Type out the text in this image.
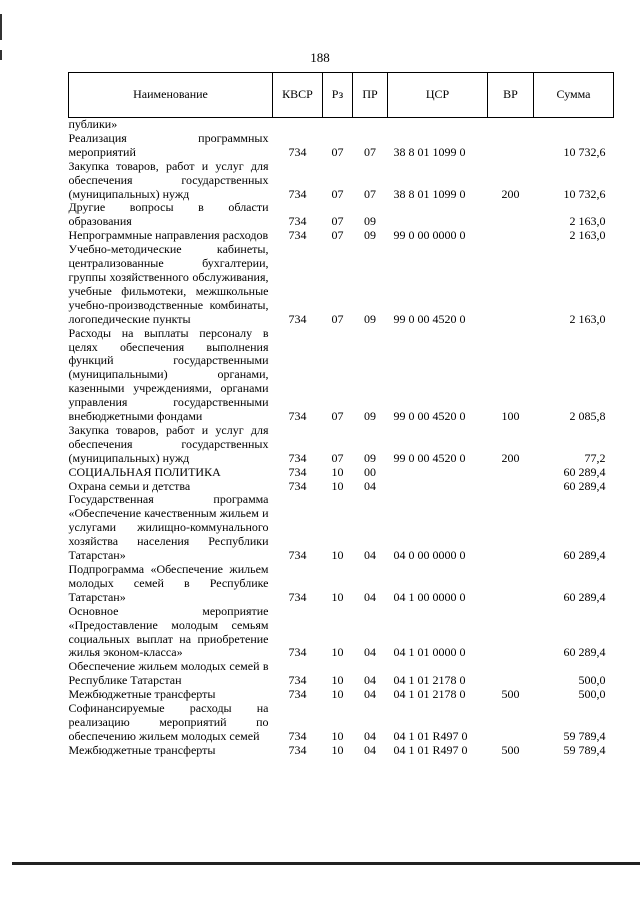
188
Наименование	КВСР	Рз	ПР	ЦСР	ВР	Сумма
публики»						
Реализация программных мероприятий	734	07	07	38 8 01 1099 0		10 732,6
Закупка товаров, работ и услуг для обеспечения государственных (муниципальных) нужд	734	07	07	38 8 01 1099 0	200	10 732,6
Другие вопросы в области образования	734	07	09			2 163,0
Непрограммные направления расходов	734	07	09	99 0 00 0000 0		2 163,0
Учебно-методические кабинеты, централизованные бухгалтерии, группы хозяйственного обслуживания, учебные фильмотеки, межшкольные учебно-производственные комбинаты, логопедические пункты	734	07	09	99 0 00 4520 0		2 163,0
Расходы на выплаты персоналу в целях обеспечения выполнения функций государственными (муниципальными) органами, казенными учреждениями, органами управления государственными внебюджетными фондами	734	07	09	99 0 00 4520 0	100	2 085,8
Закупка товаров, работ и услуг для обеспечения государственных (муниципальных) нужд	734	07	09	99 0 00 4520 0	200	77,2
СОЦИАЛЬНАЯ ПОЛИТИКА	734	10	00			60 289,4
Охрана семьи и детства	734	10	04			60 289,4
Государственная программа «Обеспечение качественным жильем и услугами жилищно-коммунального хозяйства населения Республики Татарстан»	734	10	04	04 0 00 0000 0		60 289,4
Подпрограмма «Обеспечение жильем молодых семей в Республике Татарстан»	734	10	04	04 1 00 0000 0		60 289,4
Основное мероприятие «Предоставление молодым семьям социальных выплат на приобретение жилья эконом-класса»	734	10	04	04 1 01 0000 0		60 289,4
Обеспечение жильем молодых семей в Республике Татарстан	734	10	04	04 1 01 2178 0		500,0
Межбюджетные трансферты	734	10	04	04 1 01 2178 0	500	500,0
Софинансируемые расходы на реализацию мероприятий по обеспечению жильем молодых семей	734	10	04	04 1 01 R497 0		59 789,4
Межбюджетные трансферты	734	10	04	04 1 01 R497 0	500	59 789,4
